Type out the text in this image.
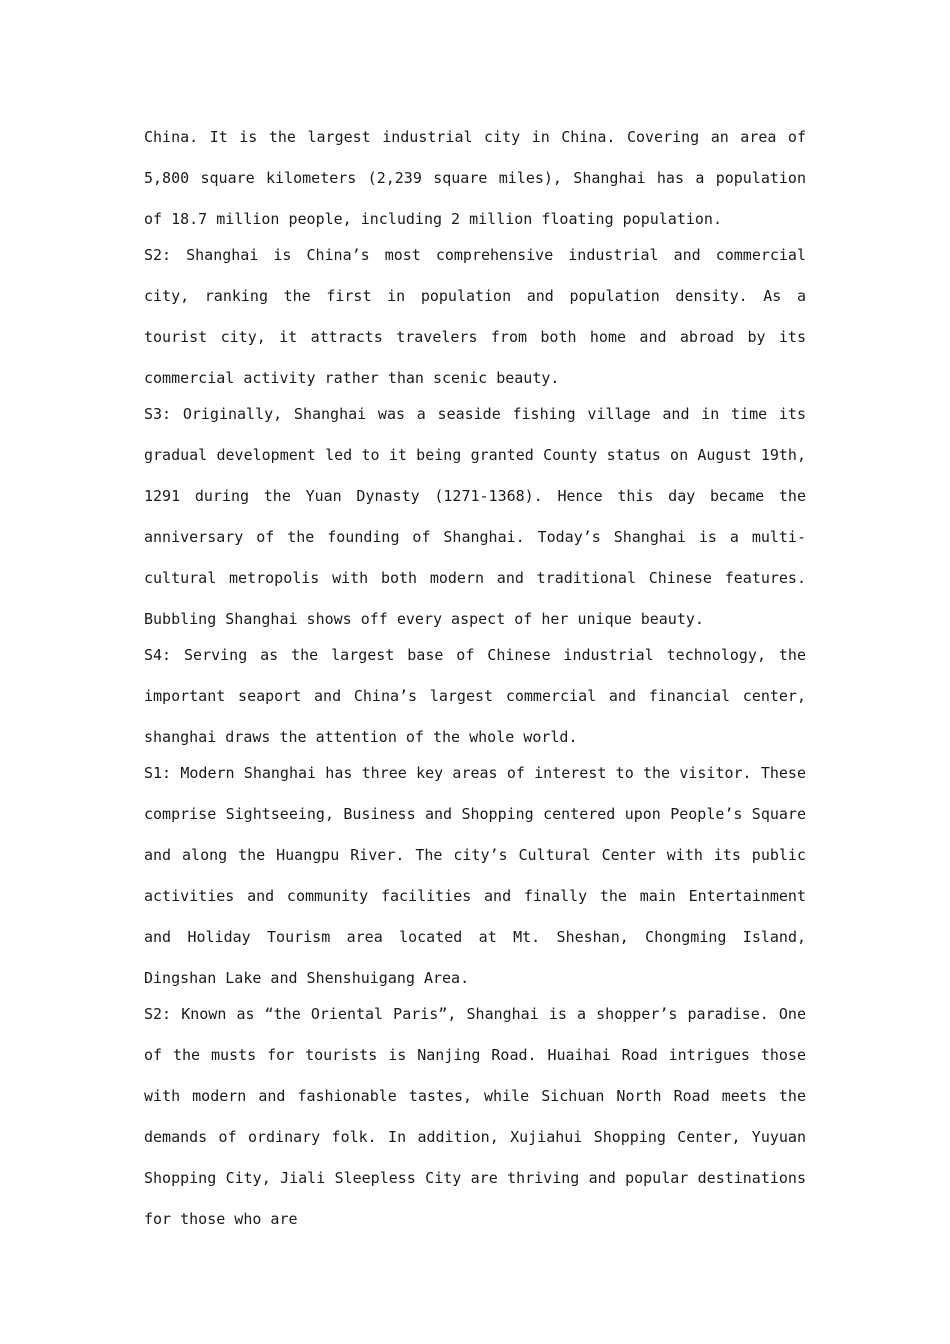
China. It is the largest industrial city in China. Covering an area of 5,800 square kilometers (2,239 square miles), Shanghai has a population of 18.7 million people, including 2 million floating population.

S2: Shanghai is China’s most comprehensive industrial and commercial city, ranking the first in population and population density. As a tourist city, it attracts travelers from both home and abroad by its commercial activity rather than scenic beauty.

S3: Originally, Shanghai was a seaside fishing village and in time its gradual development led to it being granted County status on August 19th, 1291 during the Yuan Dynasty (1271-1368). Hence this day became the anniversary of the founding of Shanghai. Today’s Shanghai is a multi-cultural metropolis with both modern and traditional Chinese features. Bubbling Shanghai shows off every aspect of her unique beauty.

S4: Serving as the largest base of Chinese industrial technology, the important seaport and China’s largest commercial and financial center, shanghai draws the attention of the whole world.

S1: Modern Shanghai has three key areas of interest to the visitor. These comprise Sightseeing, Business and Shopping centered upon People’s Square and along the Huangpu River. The city’s Cultural Center with its public activities and community facilities and finally the main Entertainment and Holiday Tourism area located at Mt. Sheshan, Chongming Island, Dingshan Lake and Shenshuigang Area.

S2: Known as “the Oriental Paris”, Shanghai is a shopper’s paradise. One of the musts for tourists is Nanjing Road. Huaihai Road intrigues those with modern and fashionable tastes, while Sichuan North Road meets the demands of ordinary folk. In addition, Xujiahui Shopping Center, Yuyuan Shopping City, Jiali Sleepless City are thriving and popular destinations for those who are
